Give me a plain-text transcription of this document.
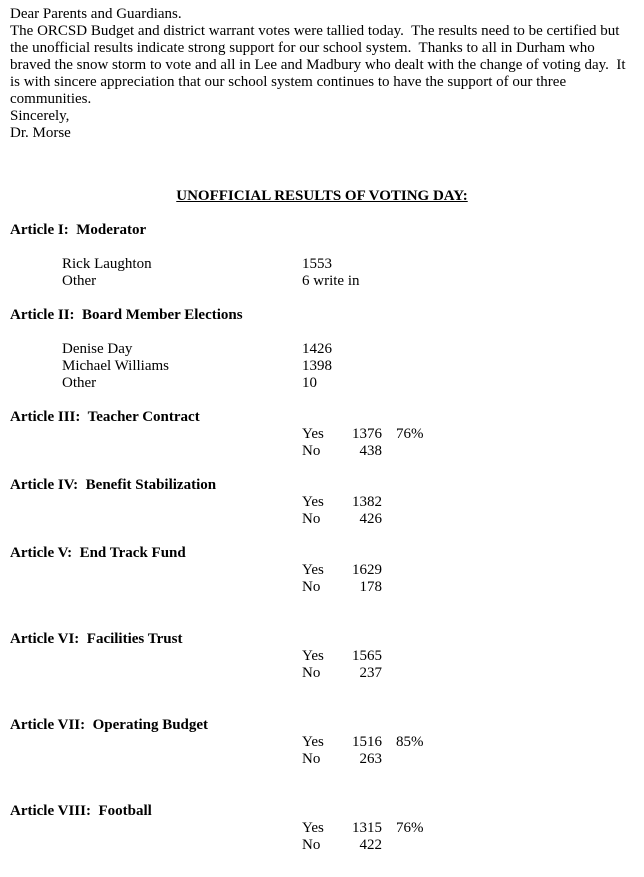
Dear Parents and Guardians.
The ORCSD Budget and district warrant votes were tallied today.  The results need to be certified but the unofficial results indicate strong support for our school system.  Thanks to all in Durham who braved the snow storm to vote and all in Lee and Madbury who dealt with the change of voting day.  It is with sincere appreciation that our school system continues to have the support of our three communities.
Sincerely,
Dr. Morse
UNOFFICIAL RESULTS OF VOTING DAY:
Article I:  Moderator
Rick Laughton	1553
Other	6 write in
Article II:  Board Member Elections
Denise Day	1426
Michael Williams	1398
Other	10
Article III:  Teacher Contract
Yes	1376 76%
No	438
Article IV:  Benefit Stabilization
Yes	1382
No	426
Article V:  End Track Fund
Yes	1629
No	178
Article VI:  Facilities Trust
Yes	1565
No	237
Article VII:  Operating Budget
Yes	1516 85%
No	263
Article VIII:  Football
Yes	1315 76%
No	422
